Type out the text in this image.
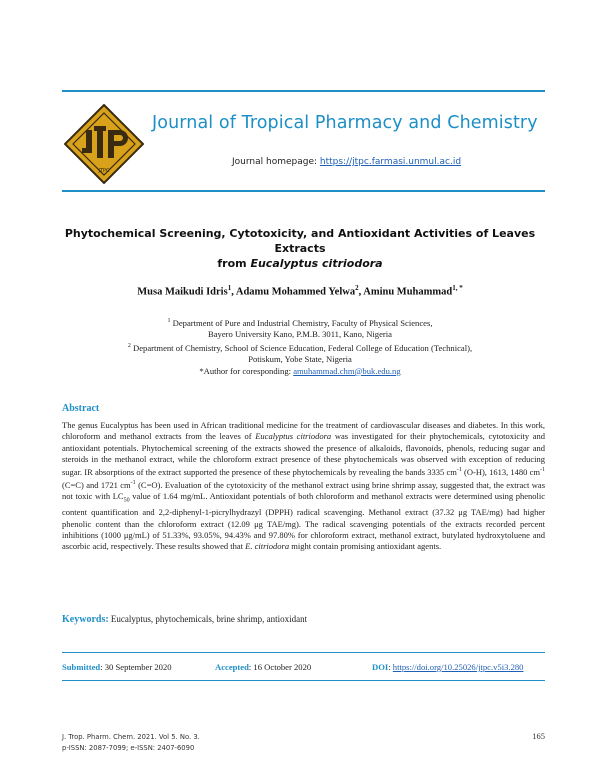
JTPC
Journal of Tropical Pharmacy and Chemistry
Journal homepage: https://jtpc.farmasi.unmul.ac.id
Phytochemical Screening, Cytotoxicity, and Antioxidant Activities of Leaves Extracts
from Eucalyptus citriodora
Musa Maikudi Idris$^1$, Adamu Mohammed Yelwa$^2$, Aminu Muhammad$^{1, *}$
$^1$ Department of Pure and Industrial Chemistry, Faculty of Physical Sciences,
Bayero University Kano, P.M.B. 3011, Kano, Nigeria
$^2$ Department of Chemistry, School of Science Education, Federal College of Education (Technical),
Potiskum, Yobe State, Nigeria
*Author for coresponding: amuhammad.chm@buk.edu.ng
Abstract
The genus Eucalyptus has been used in African traditional medicine for the treatment of cardiovascular diseases and diabetes. In this work, chloroform and methanol extracts from the leaves of Eucalyptus citriodora was investigated for their phytochemicals, cytotoxicity and antioxidant potentials. Phytochemical screening of the extracts showed the presence of alkaloids, flavonoids, phenols, reducing sugar and steroids in the methanol extract, while the chloroform extract presence of these phytochemicals was observed with exception of reducing sugar. IR absorptions of the extract supported the presence of these phytochemicals by revealing the bands 3335 $cm^{-1}$ (O-H), 1613, 1480 $cm^{-1}$ (C=C) and 1721 $cm^{-1}$ (C=O). Evaluation of the cytotoxicity of the methanol extract using brine shrimp assay, suggested that, the extract was not toxic with $LC_{50}$ value of 1.64 mg/mL. Antioxidant potentials of both chloroform and methanol extracts were determined using phenolic content quantification and 2,2-diphenyl-1-picrylhydrazyl (DPPH) radical scavenging. Methanol extract (37.32 μg TAE/mg) had higher phenolic content than the chloroform extract (12.09 μg TAE/mg). The radical scavenging potentials of the extracts recorded percent inhibitions (1000 μg/mL) of 51.33%, 93.05%, 94.43% and 97.80% for chloroform extract, methanol extract, butylated hydroxytoluene and ascorbic acid, respectively. These results showed that E. citriodora might contain promising antioxidant agents.
Keywords: Eucalyptus, phytochemicals, brine shrimp, antioxidant
Submitted: 30 September 2020	Accepted: 16 October 2020	DOI: https://doi.org/10.25026/jtpc.v5i3.280
J. Trop. Pharm. Chem. 2021. Vol 5. No. 3.
p-ISSN: 2087-7099; e-ISSN: 2407-6090
165
